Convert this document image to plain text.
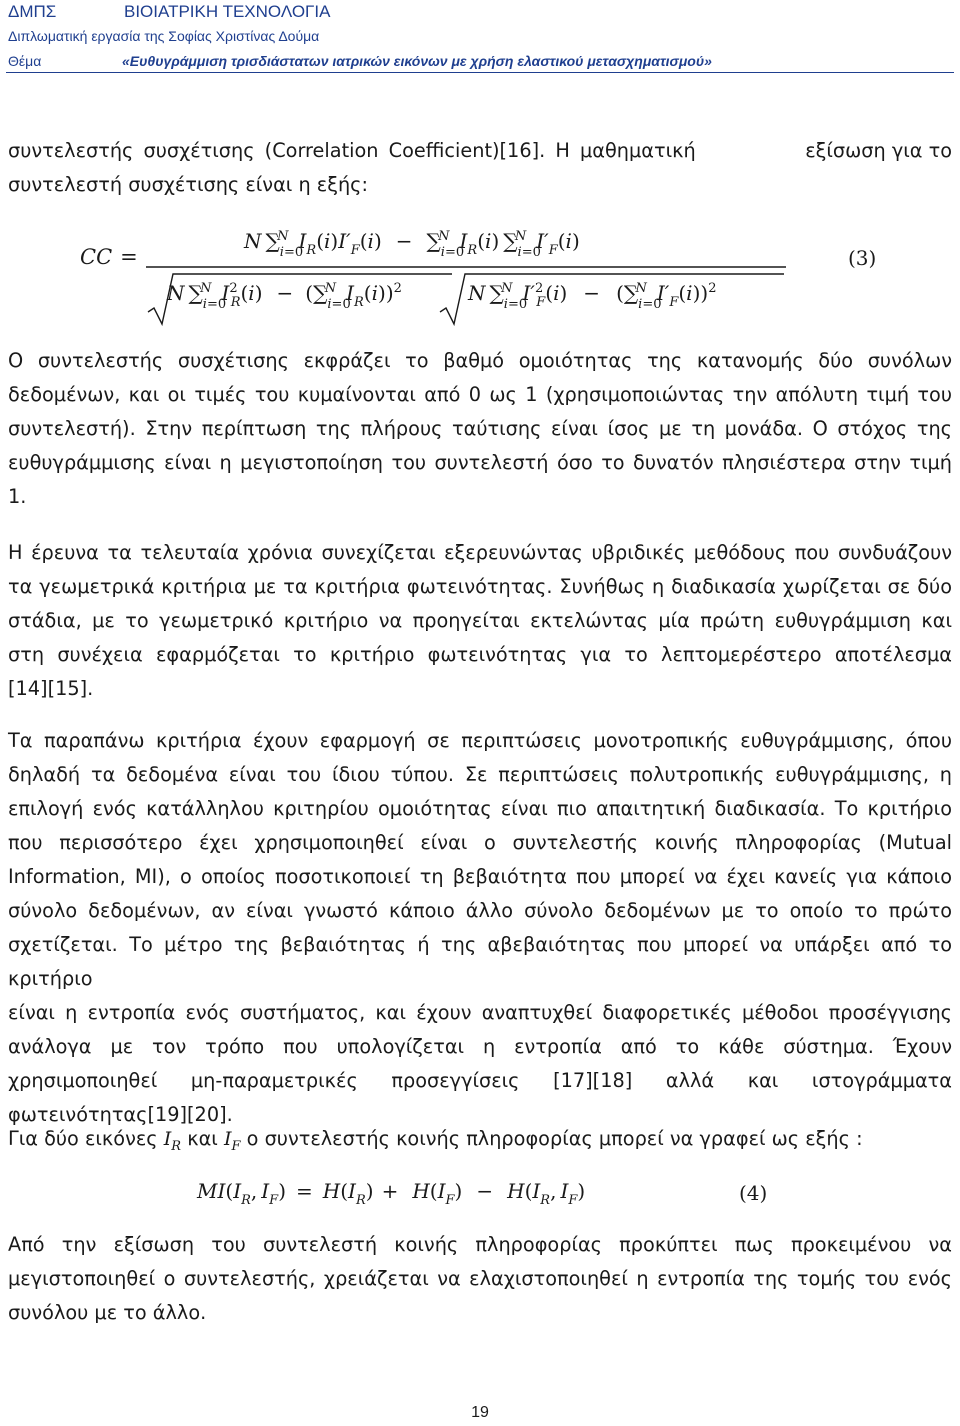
ΔΜΠΣ	ΒΙΟΙΑΤΡΙΚΗ ΤΕΧΝΟΛΟΓΙΑ
Διπλωματική εργασία της Σοφίας Χριστίνας Δούμα
Θέμα	«Ευθυγράμμιση τρισδιάστατων ιατρικών εικόνων με χρήση ελαστικού μετασχηματισμού»
συντελεστής συσχέτισης (Correlation Coefficient)[16]. Η μαθηματική	εξίσωση για το
συντελεστή συσχέτισης είναι η εξής:
CC =
N $\sum_i=0N$ $I_R(i)I'_F(i) - \sum_i=0N$ $I_R(i)$ $\sum_i=0N$ $I'_F(i)$
N $\sum_i=0N$ $I^2$ $R(i) - (\sum_i=0N$ $I_R(i))^2$	N $\sum_i=0N$ $I'^2$ $F(i) - (\sum_i=0N$ $I'_F(i))^2$
(3)
Ο συντελεστής συσχέτισης εκφράζει το βαθμό ομοιότητας της κατανομής δύο συνόλων
δεδομένων, και οι τιμές του κυμαίνονται από 0 ως 1 (χρησιμοποιώντας την απόλυτη τιμή του
συντελεστή). Στην περίπτωση της πλήρους ταύτισης είναι ίσος με τη μονάδα. Ο στόχος της
ευθυγράμμισης είναι η μεγιστοποίηση του συντελεστή όσο το δυνατόν πλησιέστερα στην τιμή
1.
Η έρευνα τα τελευταία χρόνια συνεχίζεται εξερευνώντας υβριδικές μεθόδους που συνδυάζουν
τα γεωμετρικά κριτήρια με τα κριτήρια φωτεινότητας. Συνήθως η διαδικασία χωρίζεται σε δύο
στάδια, με το γεωμετρικό κριτήριο να προηγείται εκτελώντας μία πρώτη ευθυγράμμιση και
στη συνέχεια εφαρμόζεται το κριτήριο φωτεινότητας για το λεπτομερέστερο αποτέλεσμα
[14][15].
Τα παραπάνω κριτήρια έχουν εφαρμογή σε περιπτώσεις μονοτροπικής ευθυγράμμισης, όπου
δηλαδή τα δεδομένα είναι του ίδιου τύπου. Σε περιπτώσεις πολυτροπικής ευθυγράμμισης, η
επιλογή ενός κατάλληλου κριτηρίου ομοιότητας είναι πιο απαιτητική διαδικασία. Το κριτήριο
που περισσότερο έχει χρησιμοποιηθεί είναι ο συντελεστής κοινής πληροφορίας (Mutual
Information, MI), ο οποίος ποσοτικοποιεί τη βεβαιότητα που μπορεί να έχει κανείς για κάποιο
σύνολο δεδομένων, αν είναι γνωστό κάποιο άλλο σύνολο δεδομένων με το οποίο το πρώτο
σχετίζεται. Το μέτρο της βεβαιότητας ή της αβεβαιότητας που μπορεί να υπάρξει από το κριτήριο
είναι η εντροπία ενός συστήματος, και έχουν αναπτυχθεί διαφορετικές μέθοδοι προσέγγισης
ανάλογα με τον τρόπο που υπολογίζεται η εντροπία από το κάθε σύστημα. Έχουν
χρησιμοποιηθεί μη-παραμετρικές προσεγγίσεις [17][18] αλλά και ιστογράμματα
φωτεινότητας[19][20].
Για δύο εικόνες $I_R$ και $I_F$ ο συντελεστής κοινής πληροφορίας μπορεί να γραφεί ως εξής :
$MI(I_R$, $I_F) = H(I_R) + H(I_F) - H(I_R$, $I_F$)	(4)
Από την εξίσωση του συντελεστή κοινής πληροφορίας προκύπτει πως προκειμένου να
μεγιστοποιηθεί ο συντελεστής, χρειάζεται να ελαχιστοποιηθεί η εντροπία της τομής του ενός
συνόλου με το άλλο.
19
